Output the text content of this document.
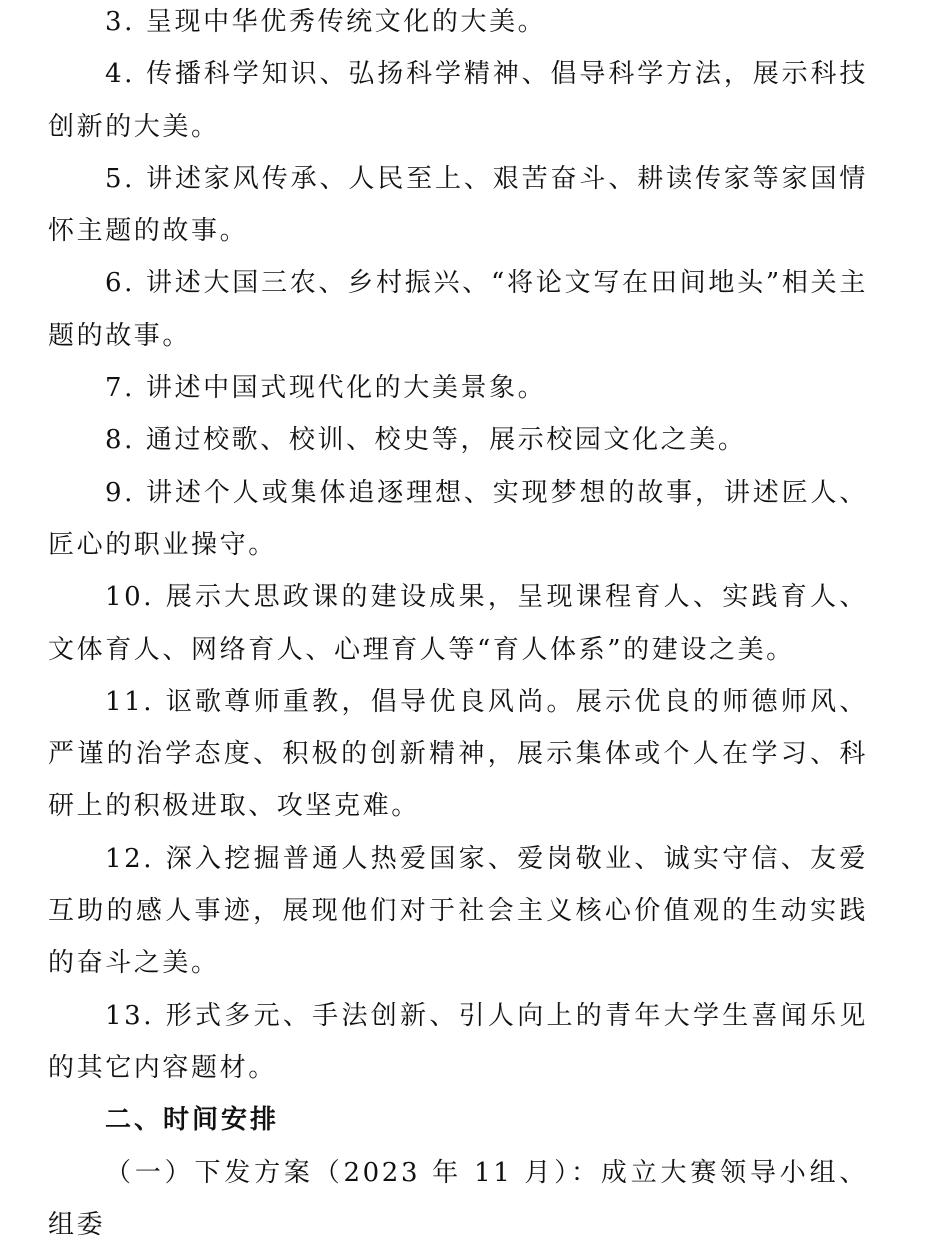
3. 呈现中华优秀传统文化的大美。

4. 传播科学知识、弘扬科学精神、倡导科学方法，展示科技创新的大美。

5. 讲述家风传承、人民至上、艰苦奋斗、耕读传家等家国情怀主题的故事。

6. 讲述大国三农、乡村振兴、“将论文写在田间地头”相关主题的故事。

7. 讲述中国式现代化的大美景象。

8. 通过校歌、校训、校史等，展示校园文化之美。

9. 讲述个人或集体追逐理想、实现梦想的故事，讲述匠人、匠心的职业操守。

10. 展示大思政课的建设成果，呈现课程育人、实践育人、文体育人、网络育人、心理育人等“育人体系”的建设之美。

11. 讴歌尊师重教，倡导优良风尚。展示优良的师德师风、严谨的治学态度、积极的创新精神，展示集体或个人在学习、科研上的积极进取、攻坚克难。

12. 深入挖掘普通人热爱国家、爱岗敬业、诚实守信、友爱互助的感人事迹，展现他们对于社会主义核心价值观的生动实践的奋斗之美。

13. 形式多元、手法创新、引人向上的青年大学生喜闻乐见的其它内容题材。

二、时间安排

（一）下发方案（2023 年 11 月）：成立大赛领导小组、组委
